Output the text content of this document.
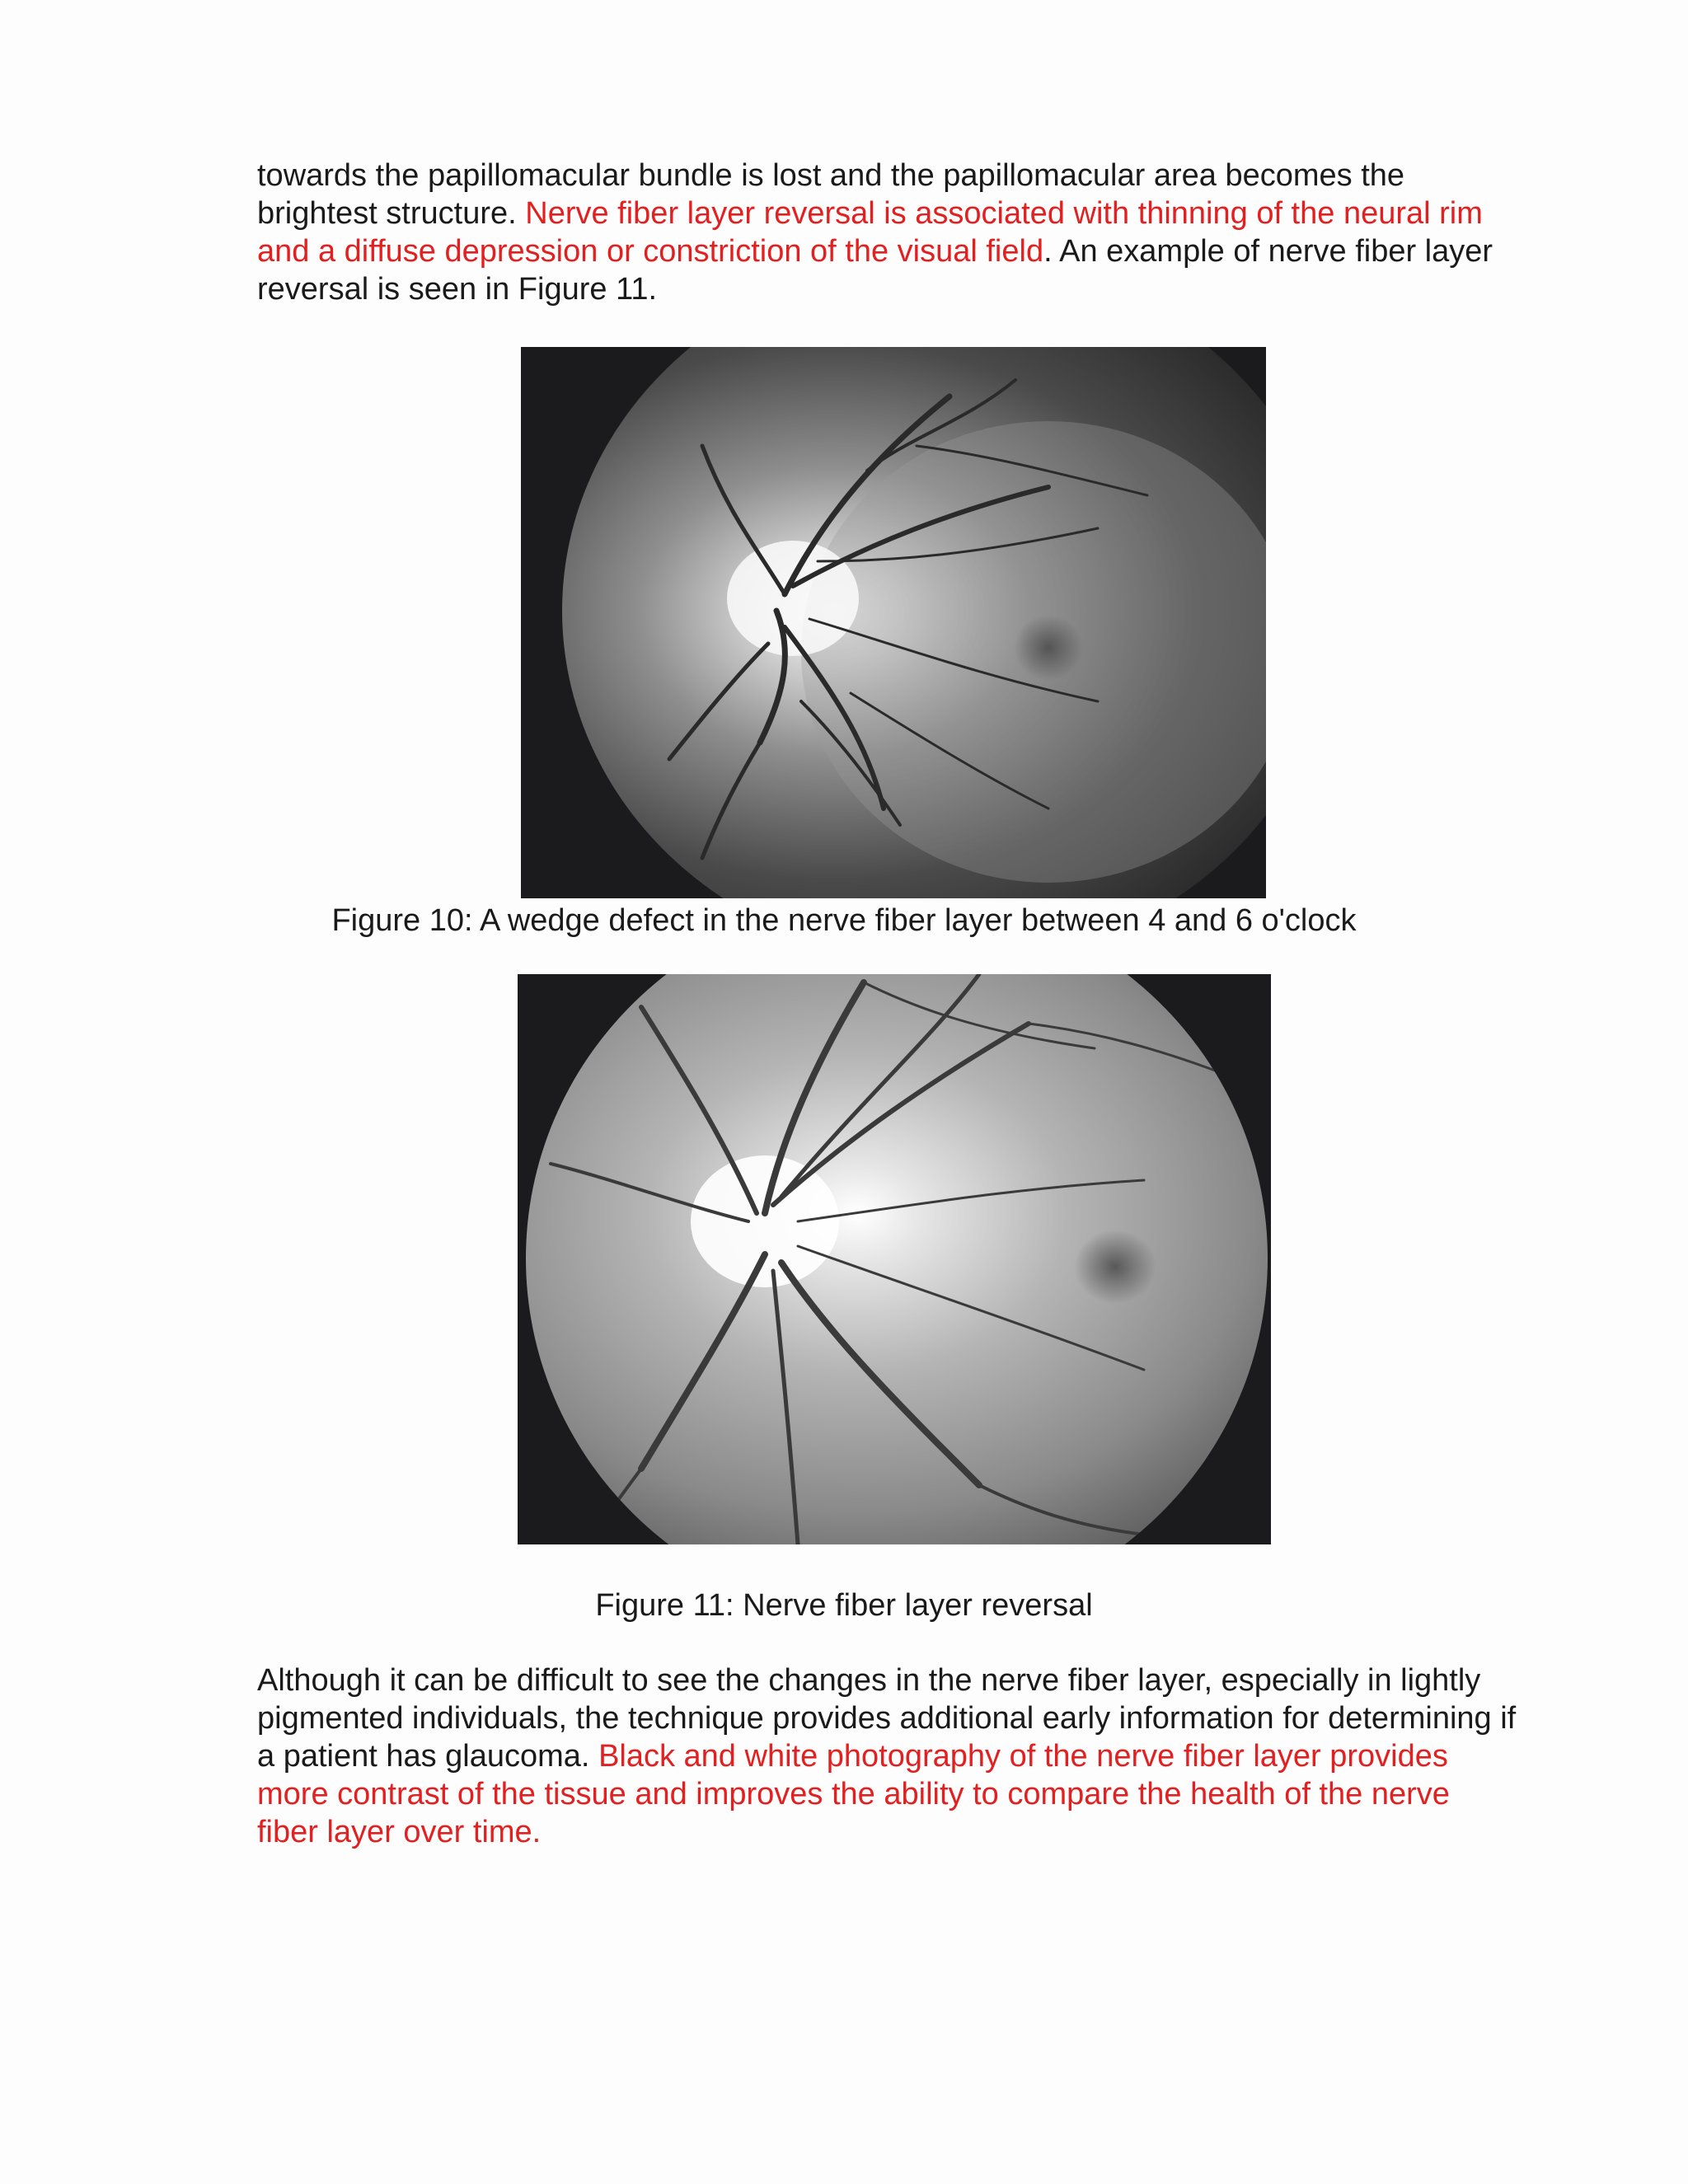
towards the papillomacular bundle is lost and the papillomacular area becomes the brightest structure. Nerve fiber layer reversal is associated with thinning of the neural rim and a diffuse depression or constriction of the visual field. An example of nerve fiber layer reversal is seen in Figure 11.

Figure 10: A wedge defect in the nerve fiber layer between 4 and 6 o'clock
Figure 11: Nerve fiber layer reversal

Although it can be difficult to see the changes in the nerve fiber layer, especially in lightly pigmented individuals, the technique provides additional early information for determining if a patient has glaucoma. Black and white photography of the nerve fiber layer provides more contrast of the tissue and improves the ability to compare the health of the nerve fiber layer over time.
